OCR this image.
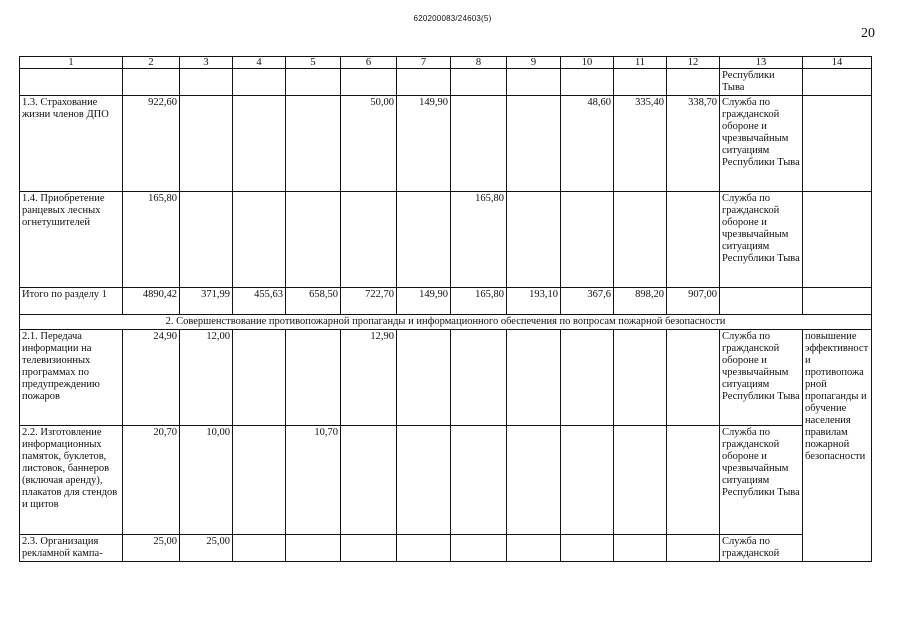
620200083/24603(5)
20
1	2	3	4	5	6	7	8	9	10	11	12	13	14
												Республики
Тыва	
1.3. Страхование жизни членов ДПО	922,60				50,00	149,90			48,60	335,40	338,70	Служба по гражданской обороне и чрезвычайным ситуациям Республики Тыва	
1.4. Приобретение ранцевых лесных огнетушителей	165,80						165,80					Служба по гражданской обороне и чрезвычайным ситуациям Республики Тыва	
Итого по разделу 1	4890,42	371,99	455,63	658,50	722,70	149,90	165,80	193,10	367,6	898,20	907,00		
2. Совершенствование противопожарной пропаганды и информационного обеспечения по вопросам пожарной безопасности													
2.1. Передача информации на телевизионных программах по предупреждению пожаров	24,90	12,00			12,90							Служба по гражданской обороне и чрезвычайным ситуациям Республики Тыва	повышение эффективности противопожарной пропаганды и обучение населения правилам пожарной безопасности
2.2. Изготовление информационных памяток, буклетов, листовок, баннеров (включая аренду), плакатов для стендов и щитов	20,70	10,00		10,70								Служба по гражданской обороне и чрезвычайным ситуациям Республики Тыва	
2.3. Организация рекламной кампа-	25,00	25,00										Служба по гражданской	
